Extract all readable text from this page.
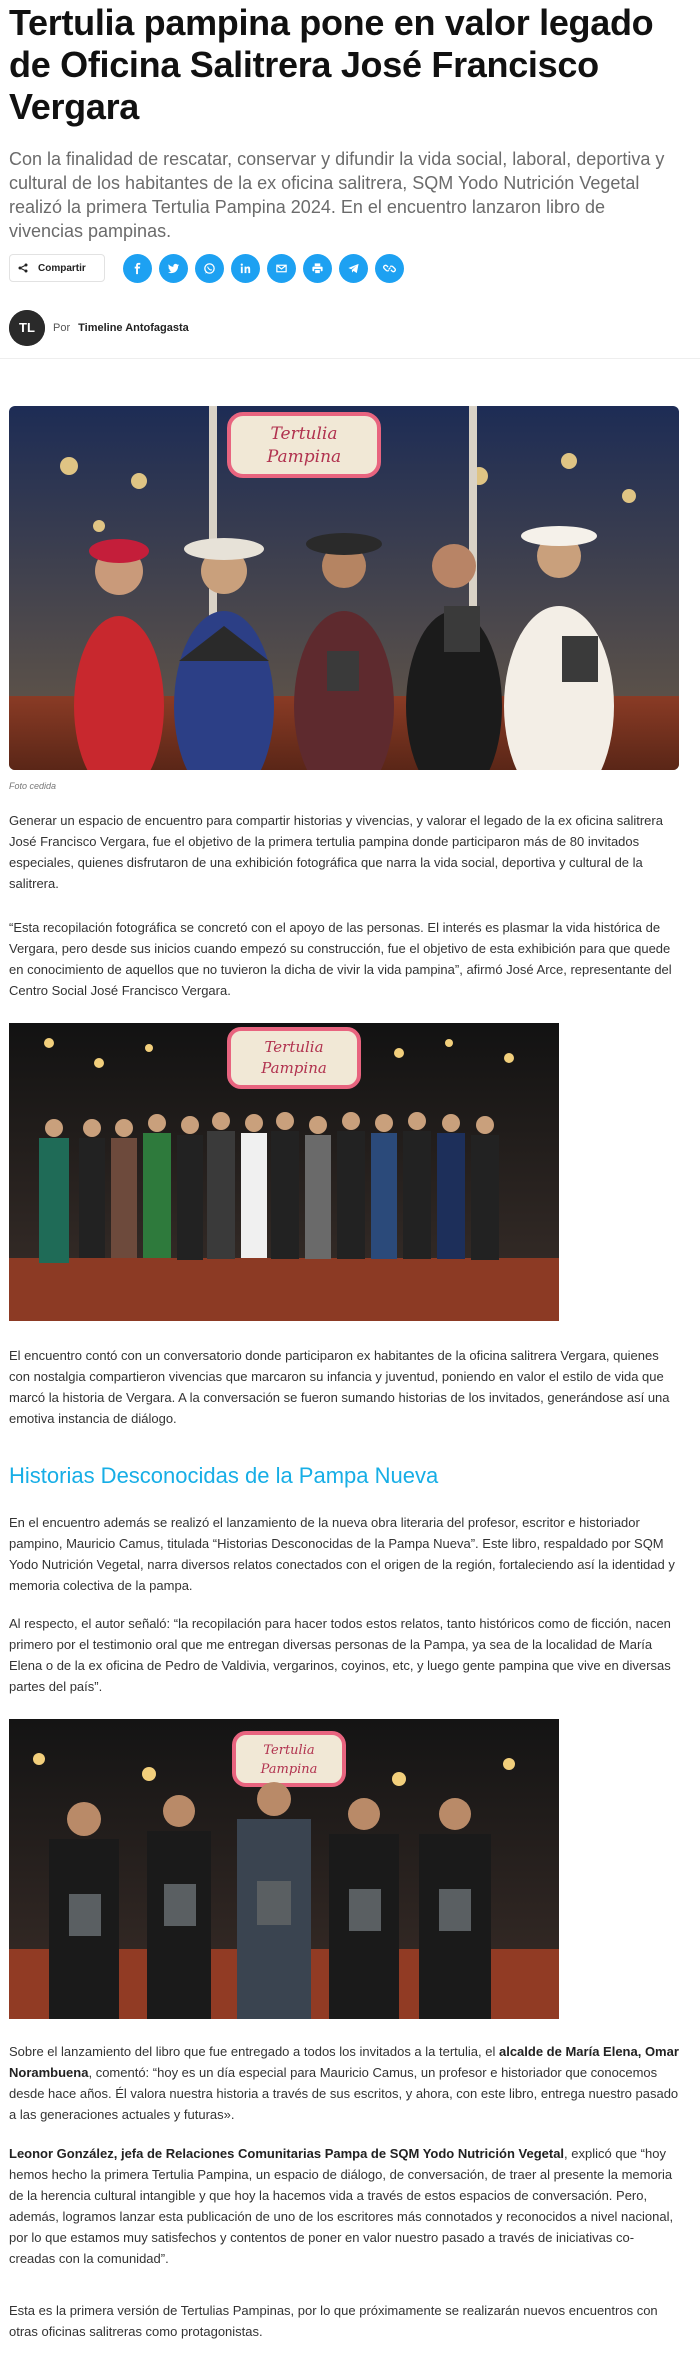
Tertulia pampina pone en valor legado de Oficina Salitrera José Francisco Vergara

Con la finalidad de rescatar, conservar y difundir la vida social, laboral, deportiva y cultural de los habitantes de la ex oficina salitrera, SQM Yodo Nutrición Vegetal realizó la primera Tertulia Pampina 2024. En el encuentro lanzaron libro de vivencias pampinas.

Compartir
TL Por Timeline Antofagasta
Tertulia
Pampina
Foto cedida

Generar un espacio de encuentro para compartir historias y vivencias, y valorar el legado de la ex oficina salitrera José Francisco Vergara, fue el objetivo de la primera tertulia pampina donde participaron más de 80 invitados especiales, quienes disfrutaron de una exhibición fotográfica que narra la vida social, deportiva y cultural de la salitrera.

“Esta recopilación fotográfica se concretó con el apoyo de las personas. El interés es plasmar la vida histórica de Vergara, pero desde sus inicios cuando empezó su construcción, fue el objetivo de esta exhibición para que quede en conocimiento de aquellos que no tuvieron la dicha de vivir la vida pampina”, afirmó José Arce, representante del Centro Social José Francisco Vergara.

Tertulia
Pampina

El encuentro contó con un conversatorio donde participaron ex habitantes de la oficina salitrera Vergara, quienes con nostalgia compartieron vivencias que marcaron su infancia y juventud, poniendo en valor el estilo de vida que marcó la historia de Vergara. A la conversación se fueron sumando historias de los invitados, generándose así una emotiva instancia de diálogo.

Historias Desconocidas de la Pampa Nueva

En el encuentro además se realizó el lanzamiento de la nueva obra literaria del profesor, escritor e historiador pampino, Mauricio Camus, titulada “Historias Desconocidas de la Pampa Nueva”. Este libro, respaldado por SQM Yodo Nutrición Vegetal, narra diversos relatos conectados con el origen de la región, fortaleciendo así la identidad y memoria colectiva de la pampa.

Al respecto, el autor señaló: “la recopilación para hacer todos estos relatos, tanto históricos como de ficción, nacen primero por el testimonio oral que me entregan diversas personas de la Pampa, ya sea de la localidad de María Elena o de la ex oficina de Pedro de Valdivia, vergarinos, coyinos, etc, y luego gente pampina que vive en diversas partes del país”.

Tertulia
Pampina

Sobre el lanzamiento del libro que fue entregado a todos los invitados a la tertulia, el alcalde de María Elena, Omar Norambuena, comentó: “hoy es un día especial para Mauricio Camus, un profesor e historiador que conocemos desde hace años. Él valora nuestra historia a través de sus escritos, y ahora, con este libro, entrega nuestro pasado a las generaciones actuales y futuras».

Leonor González, jefa de Relaciones Comunitarias Pampa de SQM Yodo Nutrición Vegetal, explicó que “hoy hemos hecho la primera Tertulia Pampina, un espacio de diálogo, de conversación, de traer al presente la memoria de la herencia cultural intangible y que hoy la hacemos vida a través de estos espacios de conversación. Pero, además, logramos lanzar esta publicación de uno de los escritores más connotados y reconocidos a nivel nacional, por lo que estamos muy satisfechos y contentos de poner en valor nuestro pasado a través de iniciativas co-creadas con la comunidad”.

Esta es la primera versión de Tertulias Pampinas, por lo que próximamente se realizarán nuevos encuentros con otras oficinas salitreras como protagonistas.
